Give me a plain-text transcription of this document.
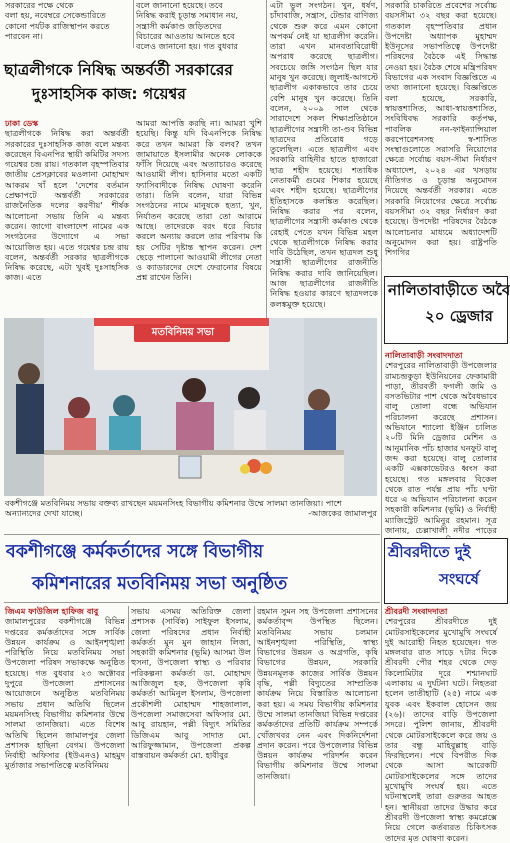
সরকারের পক্ষে থেকে
বলা হয়, নবেম্বরে সেকেন্ডারিতে
কোনো পর্যটক রাজিস্থাপন করতে
পারবেন না।
বলে জানানো হয়েছে। তবে
নিষিদ্ধ করাই চূড়ান্ত সমাধান নয়,
সন্ত্রাসী কর্মকাণ্ড জড়িতদের
বিচারের আওতায় আনতে হবে
বলেও জানানো হয়। গত বুধবার
ছাত্রলীগকে নিষিদ্ধ অন্তর্বর্তী সরকারের
দুঃসাহসিক কাজ: গয়েশ্বর
ঢাকা ডেস্ক
ছাত্রলীগকে নিষিদ্ধ করা অন্তর্বর্তী সরকারের দুঃসাহসিক কাজ বলে মন্তব্য করেছেন বিএনপির স্থায়ী কমিটির সদস্য গয়েশ্বর চন্দ্র রায়। গতকাল বৃহস্পতিবার জাতীয় প্রেসক্লাবের মওলানা মোহাম্মদ আকরম খাঁ হলে 'দেশের বর্তমান প্রেক্ষাপটে অন্তর্বর্তী সরকারের রাজনৈতিক দলের করণীয়' শীর্ষক আলোচনা সভায় তিনি এ মন্তব্য করেন। জাগো বাংলাদেশ নামের এক সংগঠনের উদ্যোগে এ সভা আয়োজিত হয়। এতে গয়েশ্বর চন্দ্র রায় বলেন, অন্তর্বর্তী সরকার ছাত্রলীগকে নিষিদ্ধ করেছে, এটা খুবই দুঃসাহসিক কাজ। এতে
আমরা আপত্তি করছি না। আমরা খুশি হয়েছি। কিন্তু যদি বিএনপিকে নিষিদ্ধ করে তখন আমরা কি বলব? তখন জামায়াতে ইসলামীর অনেক লোককে ফাঁসি দিয়েছে এবং অত্যাচারও করেছে আওয়ামী লীগ। হাসিনার মতো একটি ফ্যাসিবাদীকে নিষিদ্ধ ঘোষণা করেনি তারা। তিনি বলেন, যারা বিভিন্ন সংগঠনের নামে মানুষকে হত্যা, খুন, নির্যাতন করেছে তারা তো আরামে আছে। তাদেরকে বরং ধরে বিচার করলে অন্যায় করলে তার পরিণাম কি হয় সেটির দৃষ্টান্ত স্থাপন করেন। দেশ ছেড়ে পালানো আওয়ামী লীগের নেতা ও ক্যাডারদের দেশে ফেরানোর বিষয়ে প্রশ্ন রাখেন তিনি।
এটা ভুল সংগঠন। খুন, ধর্ষণ, চাঁদাবাজি, সন্ত্রাস, টেন্ডার বাণিজ্য থেকে শুরু করে এমন কোনো অপকর্ম নেই যা ছাত্রলীগ করেনি। তারা এখন মানবতাবিরোধী অপরাধ করেছে ছাত্রলীগ। সবচেয়ে জঙ্গি সংগঠন ছিল যার মানুষ খুন করেছে। জুলাই-আগস্টে ছাত্রলীগ একাকভাবে তার চেয়ে বেশি মানুষ খুন করেছে। তিনি বলেন, ২০০৯ সাল থেকে সারাদেশে সকল শিক্ষাপ্রতিষ্ঠানে ছাত্রলীগের সন্ত্রাসী তা-ণ্ডব বিভিন্ন ছাত্রদের প্রতিরোধ গড়ে তুলেছিল। এতে ছাত্রলীগ এবং সরকারি বাহিনীর হাতে হাজারো ছাত্র শহীদ হয়েছে। শতাধিক নেতাকর্মী গুমের শিকার হয়েছে এবং শহীদ হয়েছে। ছাত্রলীগের ইতিহাসকে কলঙ্কিত করেছিল। নিষিদ্ধ করার পর বলেন, ছাত্রলীগের সন্ত্রাসী কর্মকাণ্ড থেকে রেহাই পেতে যখন বিভিন্ন মহল থেকে ছাত্রলীগকে নিষিদ্ধ করার দাবি উঠেছিল, তখন ছাত্রদল শুধু সন্ত্রাসী ছাত্রলীগের রাজনীতি নিষিদ্ধ করার দাবি জানিয়েছিল। আজ ছাত্রলীগের রাজনীতি নিষিদ্ধ হওয়ার কারণে ছাত্রদলকে কলঙ্কমুক্ত হয়েছে।
সরকারি চাকরিতে প্রবেশের সর্বোচ্চ বয়সসীমা ৩২ বছর করা হয়েছে। গতকাল বৃহস্পতিবার প্রধান উপদেষ্টা অধ্যাপক মুহাম্মদ ইউনূসের সভাপতিত্বে উপদেষ্টা পরিষদের বৈঠকে এই সিদ্ধান্ত নেওয়া হয়। বৈঠক শেষে মন্ত্রিপরিষদ বিভাগের এক সংবাদ বিজ্ঞপ্তিতে এ তথ্য জানানো হয়েছে। বিজ্ঞপ্তিতে বলা হয়েছে, সরকারি, স্বায়ত্তশাসিত, আধা-স্বায়ত্তশাসিত, সংবিধিবদ্ধ সরকারি কর্তৃপক্ষ, পাবলিক নন-ফাইন্যান্সিয়াল করপোরেশনসহ স্ব-শাসিত সংস্থাগুলোতে সরাসরি নিয়োগের ক্ষেত্রে সর্বোচ্চ বয়স-সীমা নির্ধারণ অধ্যাদেশ, ২০২৪ এর খসড়ায় নীতিগত ও চূড়ান্ত অনুমোদন দিয়েছে অন্তর্বর্তী সরকার। এতে সরকারি নিয়োগের ক্ষেত্রে সর্বোচ্চ বয়সসীমা ৩২ বছর নির্ধারণ করা হয়েছে। উপদেষ্টা পরিষদের বৈঠকে আলোচনার মাধ্যমে অধ্যাদেশটি অনুমোদন করা হয়। রাষ্ট্রপতি শিগগির
নালিতাবাড়ীতে অবৈ
২০ ড্রেজার
নালিতাবাড়ী সংবাদদাতা
শেরপুরের নালিতাবাড়ী উপজেলার রামচন্দ্রকুড়া ইউনিয়নের ফেকামারী পাড়া, তীরবর্তী ফগলী জমি ও বসতভিটার পাশ থেকে অবৈধভাবে বালু তোলা বন্ধে অভিযান পরিচালনা করেছে প্রশাসন। অভিযানে শ্যালো ইঞ্জিন চালিত ২০টি মিনি ড্রেজার মেশিন ও আনুমানিক পাঁচ হাজার ঘনফুট বালু জব্দ করা হয়েছে। বালু তোলার একটি এক্সকাভেটরও ধ্বংস করা হয়েছে। গত মঙ্গলবার বিকেল থেকে রাত পর্যন্ত প্রায় পাঁচ ঘণ্টা ধরে এ অভিযান পরিচালনা করেন সহকারী কমিশনার (ভূমি) ও নির্বাহী ম্যাজিস্ট্রেট আমিনুর রহমান। সূত্র জানায়, চেল্লাখালী নদীর পাড়ের
মতবিনিময় সভা
বকশীগঞ্জে মতবিনিময় সভায় বক্তব্য রাখছেন ময়মনসিংহ বিভাগীয় কমিশনার উম্মে সালমা তানজিয়া। পাশে অন্যান্যদের দেখা যাচ্ছে।	-আজকের জামালপুর
বকশীগঞ্জে কর্মকর্তাদের সঙ্গে বিভাগীয়
কমিশনারের মতবিনিময় সভা অনুষ্ঠিত
জিএম ফাউজিল হাফিজ বাবু
জামালপুরের বকশীগঞ্জে বিভিন্ন দপ্তরের কর্মকর্তাদের সঙ্গে সার্বিক উন্নয়ন কার্যক্রম ও আইনশৃঙ্খলা পরিস্থিতি নিয়ে মতবিনিময় সভা উপজেলা পরিষদ সভাকক্ষে অনুষ্ঠিত হয়েছে। গত বুধবার ২৩ অক্টোবর দুপুরে উপজেলা প্রশাসনের আয়োজনে অনুষ্ঠিত মতবিনিময় সভায় প্রধান অতিথি ছিলেন ময়মনসিংহ বিভাগীয় কমিশনার উম্মে সালমা তানজিয়া। এতে বিশেষ অতিথি ছিলেন জামালপুর জেলা প্রশাসক হাছিনা বেগম। উপজেলা নির্বাহী অফিসার (ইউএনও) মাহমুদ মুর্তাজার সভাপতিত্বে মতবিনিময়
সভায় এসময় অতিরিক্ত জেলা প্রশাসক (সার্বিক) সাইফুল ইসলাম, জেলা পরিষদের প্রধান নির্বাহী কর্মকর্তা মুন মুন জাহান লিজা, সহকারী কমিশনার (ভূমি) আসমা উল হুসনা, উপজেলা স্বাস্থ্য ও পরিবার পরিকল্পনা কর্মকর্তা ডা. মোহাম্মদ আজিজুল হক, উপজেলা কৃষি কর্মকর্তা আমিনুল ইসলাম, উপজেলা প্রকৌশলী মোহাম্মদ শাহজালাল, উপজেলা সমাজসেবা অফিসার মো. আবু রায়হান, পল্লী বিদ্যুৎ সমিতির ডিজিএম আবু সাদাত মো. আরিফুজ্জামান, উপজেলা প্রকল্প বাস্তবায়ন কর্মকর্তা মো. হাবীবুর
রহমান সুমন সহ উপজেলা প্রশাসনের কর্মকর্তাবৃন্দ উপস্থিত ছিলেন। মতবিনিময় সভায় চলমান আইনশৃঙ্খলা পরিস্থিতি, স্বাস্থ্য বিভাগের উন্নয়ন ও অগ্রগতি, কৃষি বিভাগের উন্নয়ন, সরকারি উন্নয়নমূলক কাজের সার্বিক উন্নয়ন বৃদ্ধি, পল্লী বিদ্যুতের সাম্প্রতিক কার্যক্রম নিয়ে বিস্তারিত আলোচনা করা হয়। এ সময় বিভাগীয় কমিশনার উম্মে সালমা তানজিয়া বিভিন্ন দপ্তরের কর্মকর্তাদের প্রতিটি কার্যক্রম সম্পর্কে খোঁজখবর নেন এবং দিকনির্দেশনা প্রদান করেন। পরে উপজেলার বিভিন্ন উন্নয়ন কার্যক্রম পরিদর্শন করেন বিভাগীয় কমিশনার উম্মে সালমা তানজিয়া।
শ্রীবরদীতে দুই
সংঘর্ষে
শ্রীবরদী সংবাদদাতা
শেরপুরের শ্রীবরদীতে দুই মোটরসাইকেলের মুখোমুখি সংঘর্ষে দুই আরোহী নিহত হয়েছেন। গত মঙ্গলবার রাত সাড়ে ৭টার দিকে শ্রীবরদী পৌর শহর থেকে দেড় কিলোমিটার দূরে শশ্মানঘাট এলাকায় এ দুর্ঘটনা ঘটে। নিহতরা হলেন তাতীহাটি (২৫) নামে এক যুবক এবং ইকবাল হোসেন জয় (২৬)। তাদের বাড়ি উপজেলা সদরে। পুলিশ জানায়, শ্রীবরদী থেকে মোটরসাইকেলে করে জয় ও তার বন্ধু মাহিবুল্লাহ বাড়ি ফিরছিলেন। পথে বিপরীত দিক থেকে আসা আরেকটি মোটরসাইকেলের সঙ্গে তাদের মুখোমুখি সংঘর্ষ হয়। এতে ঘটনাস্থলেই তারা গুরুতর আহত হন। স্থানীয়রা তাদের উদ্ধার করে শ্রীবরদী উপজেলা স্বাস্থ্য কমপ্লেক্সে নিয়ে গেলে কর্তব্যরত চিকিৎসক তাদের মৃত ঘোষণা করেন।
